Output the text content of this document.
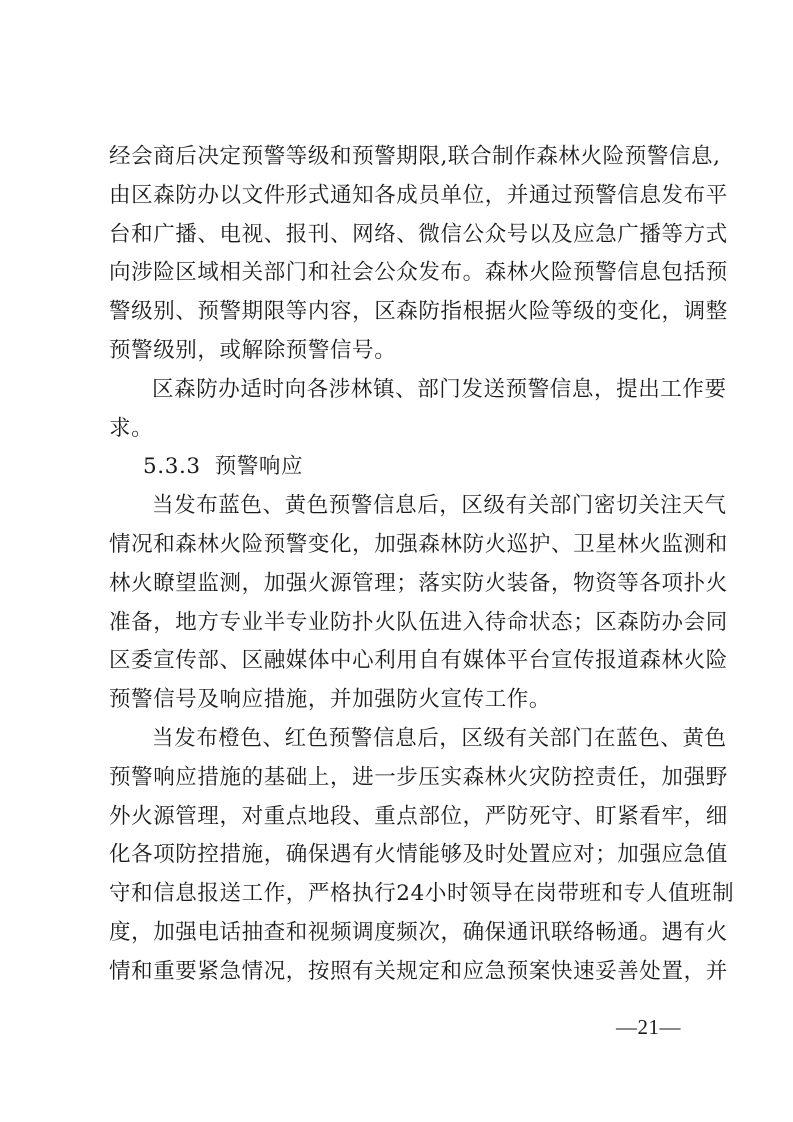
经会商后决定预警等级和预警期限,联合制作森林火险预警信息,
由区森防办以文件形式通知各成员单位，并通过预警信息发布平
台和广播、电视、报刊、网络、微信公众号以及应急广播等方式
向涉险区域相关部门和社会公众发布。森林火险预警信息包括预
警级别、预警期限等内容，区森防指根据火险等级的变化，调整
预警级别，或解除预警信号。
区森防办适时向各涉林镇、部门发送预警信息，提出工作要
求。
5.3.3 预警响应
当发布蓝色、黄色预警信息后，区级有关部门密切关注天气
情况和森林火险预警变化，加强森林防火巡护、卫星林火监测和
林火瞭望监测，加强火源管理；落实防火装备，物资等各项扑火
准备，地方专业半专业防扑火队伍进入待命状态；区森防办会同
区委宣传部、区融媒体中心利用自有媒体平台宣传报道森林火险
预警信号及响应措施，并加强防火宣传工作。
当发布橙色、红色预警信息后，区级有关部门在蓝色、黄色
预警响应措施的基础上，进一步压实森林火灾防控责任，加强野
外火源管理，对重点地段、重点部位，严防死守、盯紧看牢，细
化各项防控措施，确保遇有火情能够及时处置应对；加强应急值
守和信息报送工作，严格执行24小时领导在岗带班和专人值班制
度，加强电话抽查和视频调度频次，确保通讯联络畅通。遇有火
情和重要紧急情况，按照有关规定和应急预案快速妥善处置，并
—21—
